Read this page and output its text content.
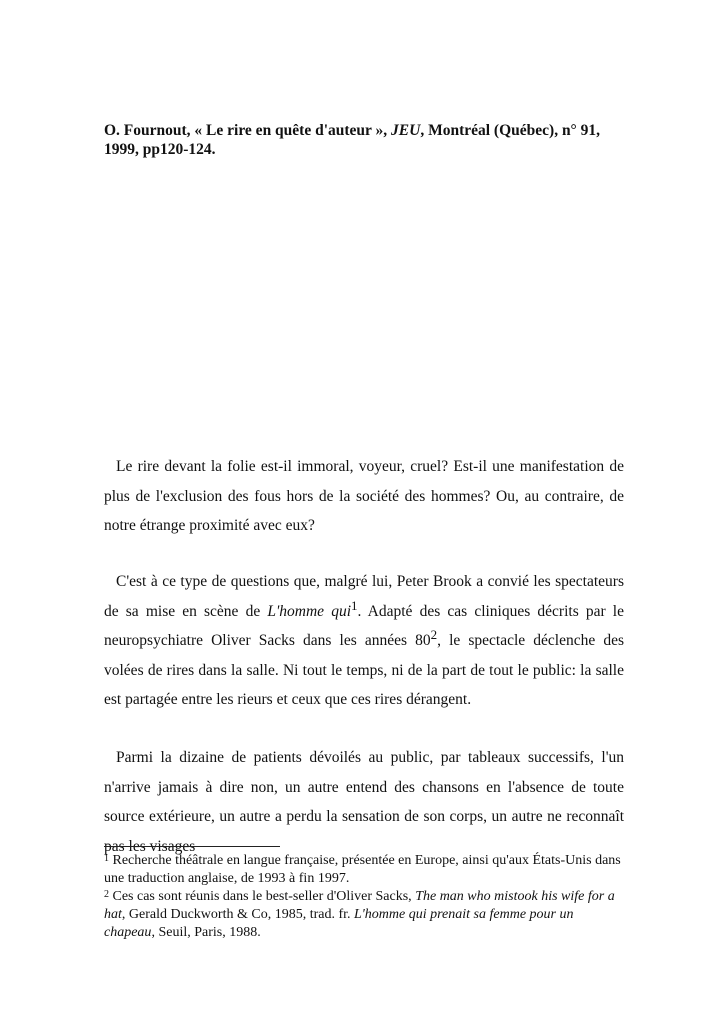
O. Fournout, « Le rire en quête d'auteur », JEU, Montréal (Québec), n° 91, 1999, pp120-124.
Le rire devant la folie est-il immoral, voyeur, cruel? Est-il une manifestation de plus de l'exclusion des fous hors de la société des hommes? Ou, au contraire, de notre étrange proximité avec eux?
C'est à ce type de questions que, malgré lui, Peter Brook a convié les spectateurs de sa mise en scène de L'homme qui$^1$. Adapté des cas cliniques décrits par le neuropsychiatre Oliver Sacks dans les années $80^2$, le spectacle déclenche des volées de rires dans la salle. Ni tout le temps, ni de la part de tout le public: la salle est partagée entre les rieurs et ceux que ces rires dérangent.
Parmi la dizaine de patients dévoilés au public, par tableaux successifs, l'un n'arrive jamais à dire non, un autre entend des chansons en l'absence de toute source extérieure, un autre a perdu la sensation de son corps, un autre ne reconnaît pas les visages

$^1$ Recherche théâtrale en langue française, présentée en Europe, ainsi qu'aux États-Unis dans une traduction anglaise, de 1993 à fin 1997.

$^2$ Ces cas sont réunis dans le best-seller d'Oliver Sacks, The man who mistook his wife for a hat, Gerald Duckworth & Co, 1985, trad. fr. L'homme qui prenait sa femme pour un chapeau, Seuil, Paris, 1988.
